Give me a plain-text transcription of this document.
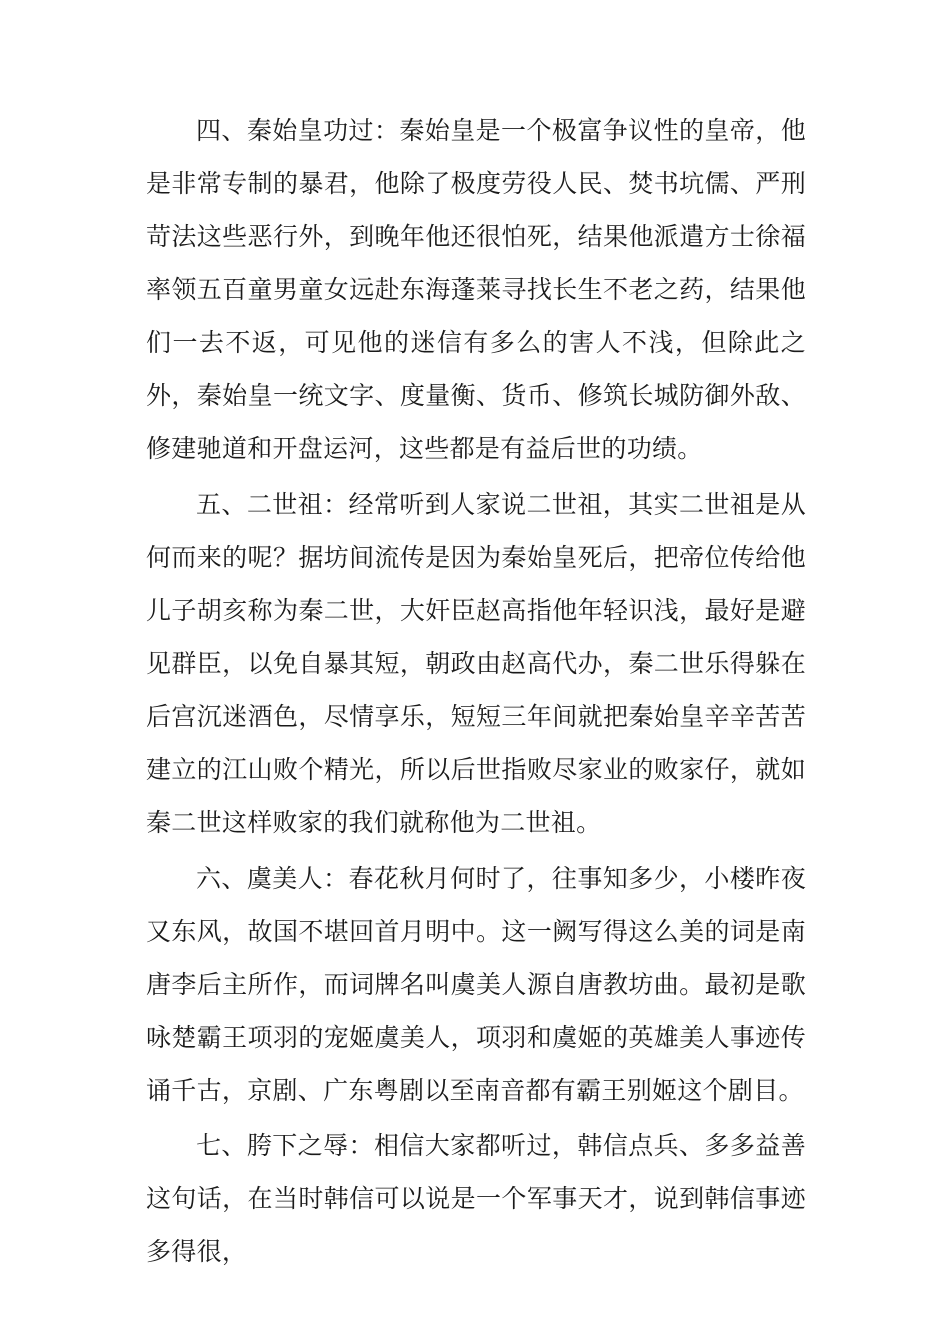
四、秦始皇功过：秦始皇是一个极富争议性的皇帝，他是非常专制的暴君，他除了极度劳役人民、焚书坑儒、严刑苛法这些恶行外，到晚年他还很怕死，结果他派遣方士徐福率领五百童男童女远赴东海蓬莱寻找长生不老之药，结果他们一去不返，可见他的迷信有多么的害人不浅，但除此之外，秦始皇一统文字、度量衡、货币、修筑长城防御外敌、修建驰道和开盘运河，这些都是有益后世的功绩。

五、二世祖：经常听到人家说二世祖，其实二世祖是从何而来的呢？据坊间流传是因为秦始皇死后，把帝位传给他儿子胡亥称为秦二世，大奸臣赵高指他年轻识浅，最好是避见群臣，以免自暴其短，朝政由赵高代办，秦二世乐得躲在后宫沉迷酒色，尽情享乐，短短三年间就把秦始皇辛辛苦苦建立的江山败个精光，所以后世指败尽家业的败家仔，就如秦二世这样败家的我们就称他为二世祖。

六、虞美人：春花秋月何时了，往事知多少，小楼昨夜又东风，故国不堪回首月明中。这一阙写得这么美的词是南唐李后主所作，而词牌名叫虞美人源自唐教坊曲。最初是歌咏楚霸王项羽的宠姬虞美人，项羽和虞姬的英雄美人事迹传诵千古，京剧、广东粤剧以至南音都有霸王别姬这个剧目。

七、胯下之辱：相信大家都听过，韩信点兵、多多益善这句话，在当时韩信可以说是一个军事天才，说到韩信事迹多得很，
